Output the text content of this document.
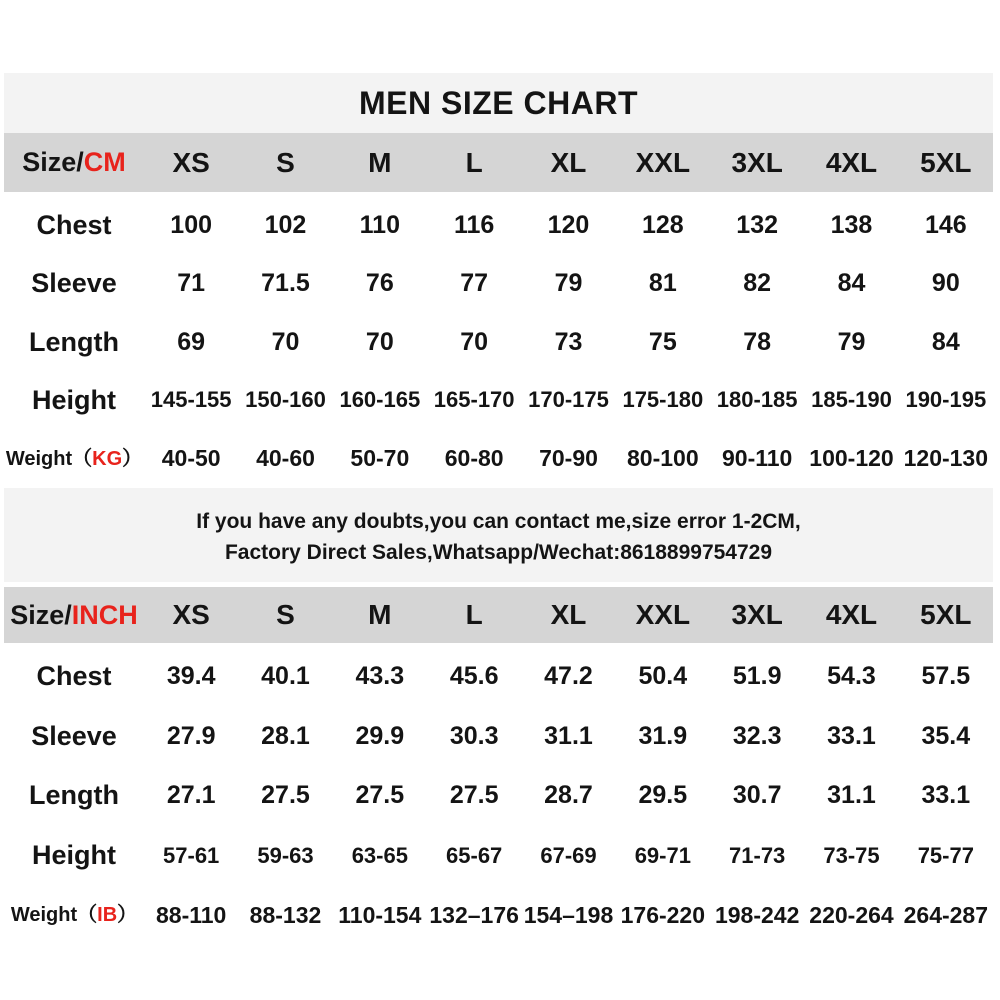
MEN SIZE CHART
Size/CM	XS	S	M	L	XL	XXL	3XL	4XL	5XL
Chest	100	102	110	116	120	128	132	138	146
Sleeve	71	71.5	76	77	79	81	82	84	90
Length	69	70	70	70	73	75	78	79	84
Height	145-155 150-160 160-165 165-170 170-175 175-180 180-185 185-190 190-195
Weight（KG） 40-50	40-60	50-70	60-80	70-90	80-100	90-110 100-120 120-130

If you have any doubts,you can contact me,size error 1-2CM,

Factory Direct Sales,Whatsapp/Wechat:8618899754729

Size/INCH	XS	S	M	L	XL	XXL	3XL	4XL	5XL
Chest	39.4	40.1	43.3	45.6	47.2	50.4	51.9	54.3	57.5
Sleeve	27.9	28.1	29.9	30.3	31.1	31.9	32.3	33.1	35.4
Length	27.1	27.5	27.5	27.5	28.7	29.5	30.7	31.1	33.1
Height	57-61	59-63	63-65	65-67	67-69	69-71	71-73	73-75	75-77
Weight（IB） 88-110	88-132 110-154 132–176 154–198 176-220 198-242 220-264 264-287
